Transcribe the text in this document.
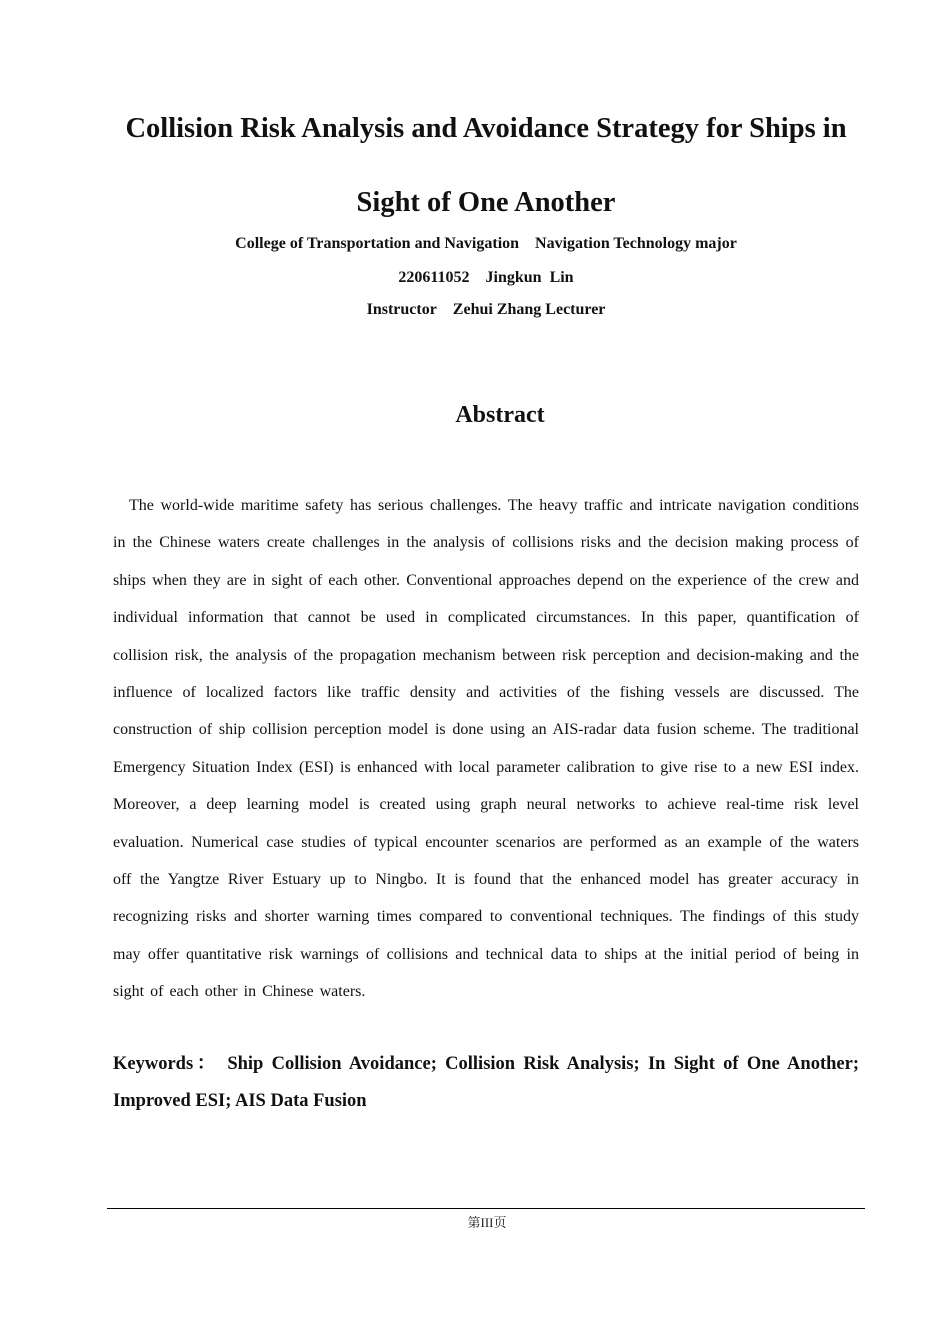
Collision Risk Analysis and Avoidance Strategy for Ships in Sight of One Another
College of Transportation and Navigation Navigation Technology major
220611052 Jingkun  Lin
Instructor Zehui Zhang Lecturer
Abstract

The world-wide maritime safety has serious challenges. The heavy traffic and intricate navigation conditions in the Chinese waters create challenges in the analysis of collisions risks and the decision making process of ships when they are in sight of each other. Conventional approaches depend on the experience of the crew and individual information that cannot be used in complicated circumstances. In this paper, quantification of collision risk, the analysis of the propagation mechanism between risk perception and decision-making and the influence of localized factors like traffic density and activities of the fishing vessels are discussed. The construction of ship collision perception model is done using an AIS-radar data fusion scheme. The traditional Emergency Situation Index (ESI) is enhanced with local parameter calibration to give rise to a new ESI index. Moreover, a deep learning model is created using graph neural networks to achieve real-time risk level evaluation. Numerical case studies of typical encounter scenarios are performed as an example of the waters off the Yangtze River Estuary up to Ningbo. It is found that the enhanced model has greater accuracy in recognizing risks and shorter warning times compared to conventional techniques. The findings of this study may offer quantitative risk warnings of collisions and technical data to ships at the initial period of being in sight of each other in Chinese waters.

Keywords： Ship Collision Avoidance; Collision Risk Analysis; In Sight of One Another; Improved ESI; AIS Data Fusion

第III页
